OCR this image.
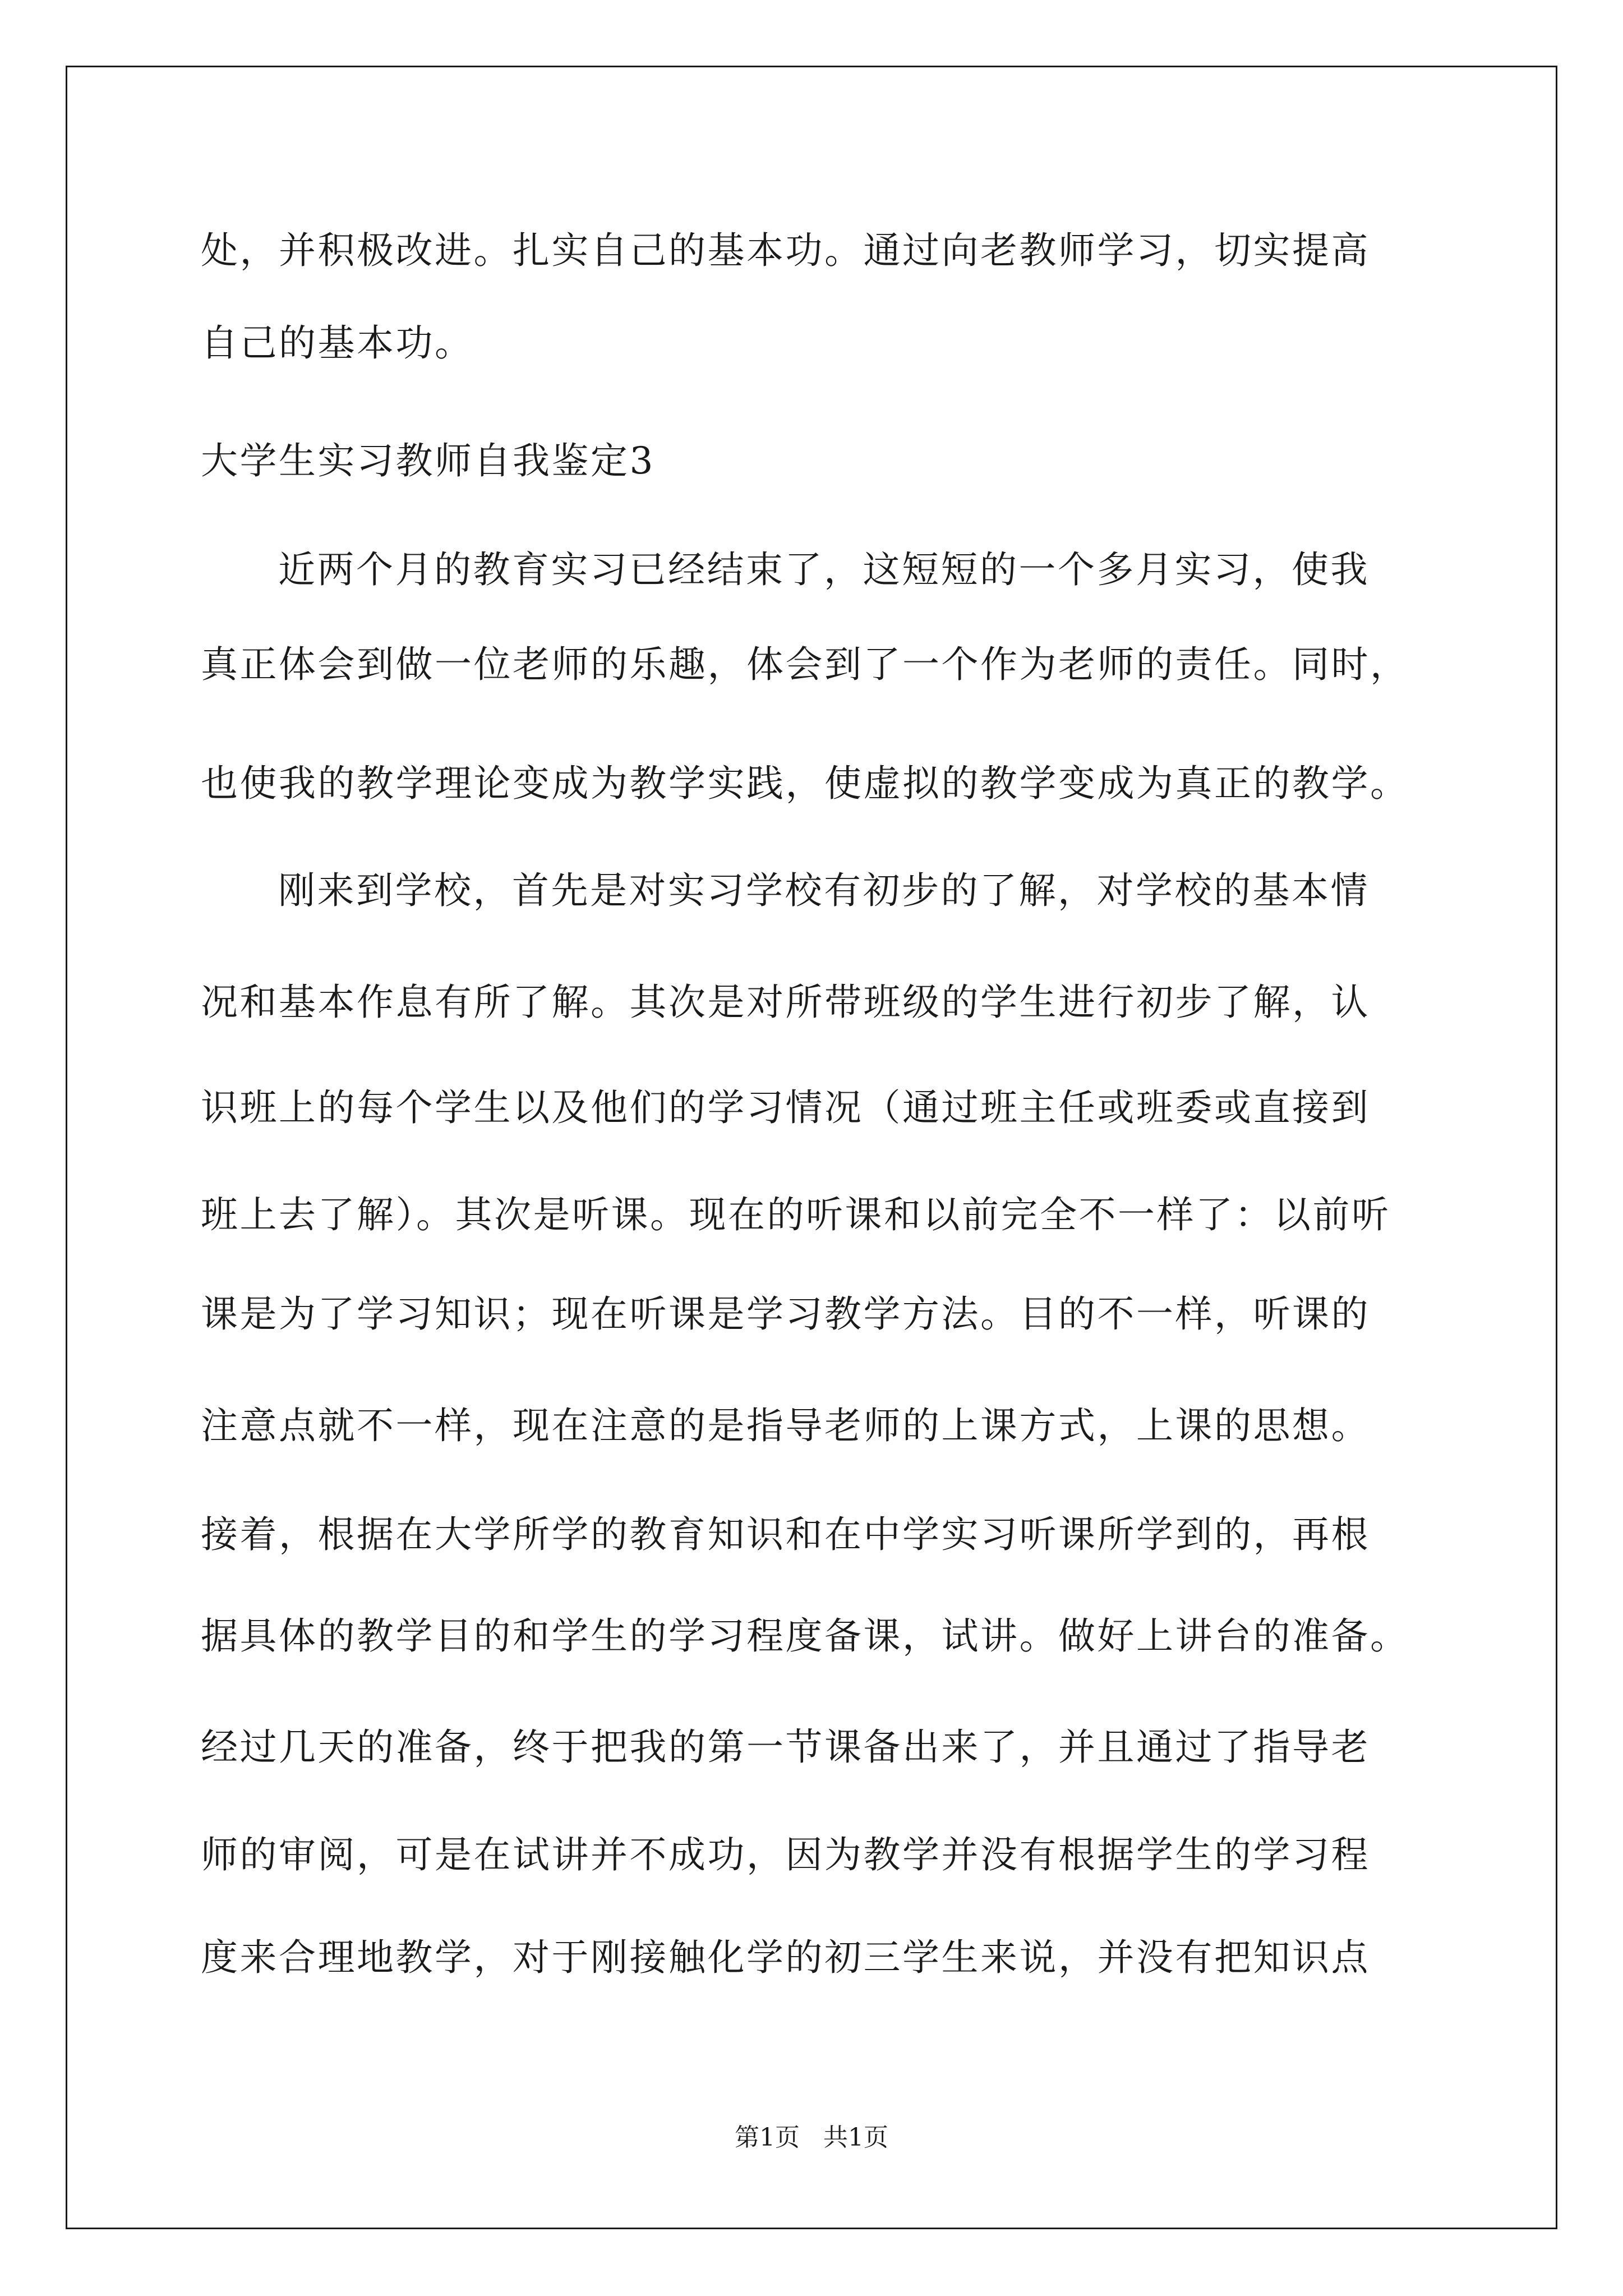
处，并积极改进。扎实自己的基本功。通过向老教师学习，切实提高
自己的基本功。
大学生实习教师自我鉴定3
近两个月的教育实习已经结束了，这短短的一个多月实习，使我
真正体会到做一位老师的乐趣，体会到了一个作为老师的责任。同时，
也使我的教学理论变成为教学实践，使虚拟的教学变成为真正的教学。
刚来到学校，首先是对实习学校有初步的了解，对学校的基本情
况和基本作息有所了解。其次是对所带班级的学生进行初步了解，认
识班上的每个学生以及他们的学习情况（通过班主任或班委或直接到
班上去了解）。其次是听课。现在的听课和以前完全不一样了：以前听
课是为了学习知识；现在听课是学习教学方法。目的不一样，听课的
注意点就不一样，现在注意的是指导老师的上课方式，上课的思想。
接着，根据在大学所学的教育知识和在中学实习听课所学到的，再根
据具体的教学目的和学生的学习程度备课，试讲。做好上讲台的准备。
经过几天的准备，终于把我的第一节课备出来了，并且通过了指导老
师的审阅，可是在试讲并不成功，因为教学并没有根据学生的学习程
度来合理地教学，对于刚接触化学的初三学生来说，并没有把知识点
第1页   共1页
